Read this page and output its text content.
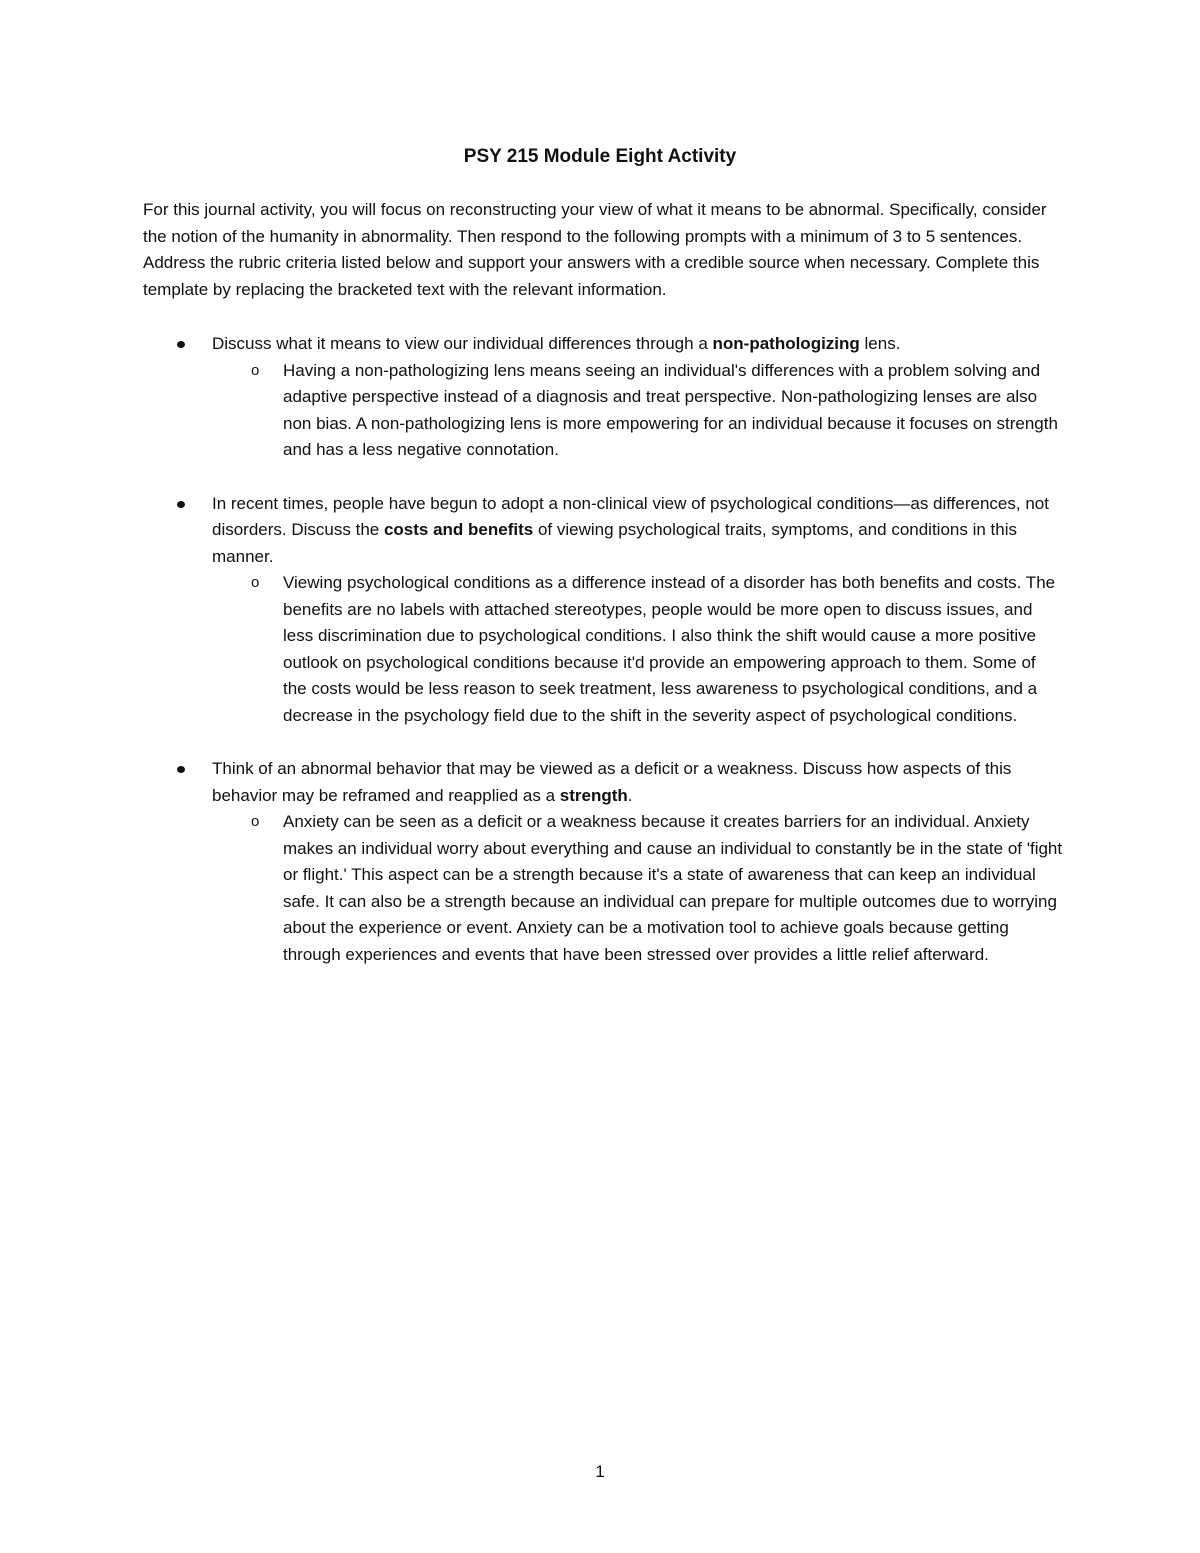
PSY 215 Module Eight Activity

For this journal activity, you will focus on reconstructing your view of what it means to be abnormal. Specifically, consider the notion of the humanity in abnormality. Then respond to the following prompts with a minimum of 3 to 5 sentences. Address the rubric criteria listed below and support your answers with a credible source when necessary. Complete this template by replacing the bracketed text with the relevant information.

Discuss what it means to view our individual differences through a non-pathologizing lens.
o Having a non-pathologizing lens means seeing an individual's differences with a problem solving and adaptive perspective instead of a diagnosis and treat perspective. Non-pathologizing lenses are also non bias. A non-pathologizing lens is more empowering for an individual because it focuses on strength and has a less negative connotation.
In recent times, people have begun to adopt a non-clinical view of psychological conditions—as differences, not disorders. Discuss the costs and benefits of viewing psychological traits, symptoms, and conditions in this manner.
o Viewing psychological conditions as a difference instead of a disorder has both benefits and costs. The benefits are no labels with attached stereotypes, people would be more open to discuss issues, and less discrimination due to psychological conditions. I also think the shift would cause a more positive outlook on psychological conditions because it'd provide an empowering approach to them. Some of the costs would be less reason to seek treatment, less awareness to psychological conditions, and a decrease in the psychology field due to the shift in the severity aspect of psychological conditions.
Think of an abnormal behavior that may be viewed as a deficit or a weakness. Discuss how aspects of this behavior may be reframed and reapplied as a strength.
o Anxiety can be seen as a deficit or a weakness because it creates barriers for an individual. Anxiety makes an individual worry about everything and cause an individual to constantly be in the state of 'fight or flight.' This aspect can be a strength because it's a state of awareness that can keep an individual safe. It can also be a strength because an individual can prepare for multiple outcomes due to worrying about the experience or event. Anxiety can be a motivation tool to achieve goals because getting through experiences and events that have been stressed over provides a little relief afterward.
1
